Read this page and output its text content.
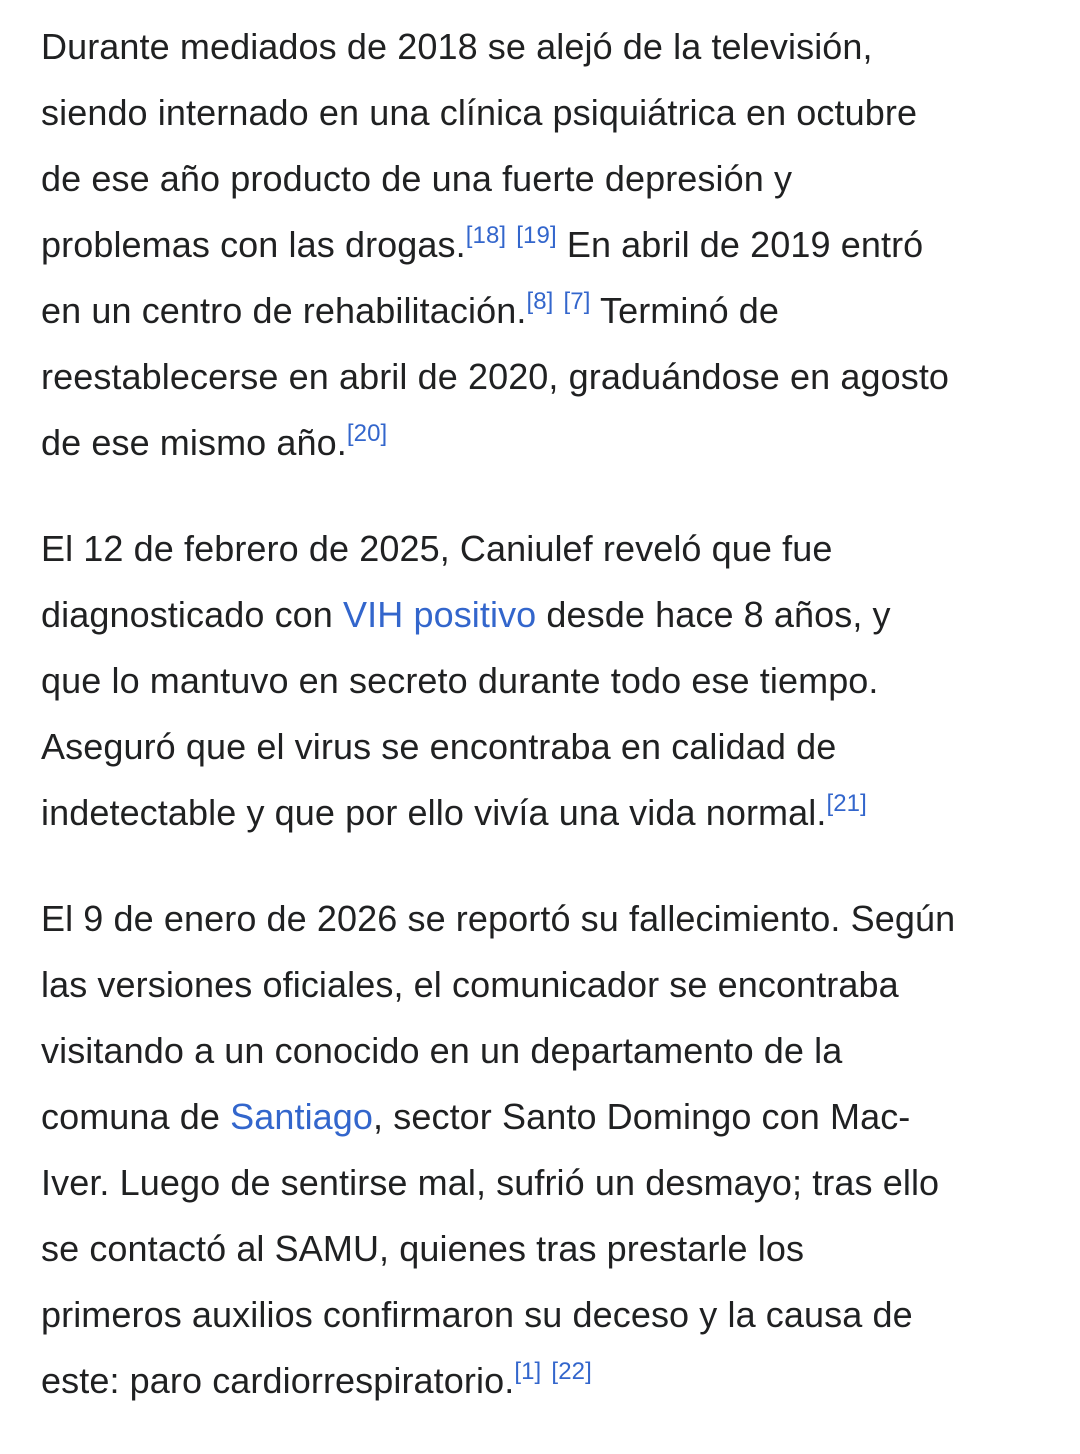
Durante mediados de 2018 se alejó de la televisión,
siendo internado en una clínica psiquiátrica en octubre
de ese año producto de una fuerte depresión y
problemas con las drogas.[18] [19] En abril de 2019 entró
en un centro de rehabilitación.[8] [7] Terminó de
reestablecerse en abril de 2020, graduándose en agosto
de ese mismo año.[20]

El 12 de febrero de 2025, Caniulef reveló que fue
diagnosticado con VIH positivo desde hace 8 años, y
que lo mantuvo en secreto durante todo ese tiempo.
Aseguró que el virus se encontraba en calidad de
indetectable y que por ello vivía una vida normal.[21]

El 9 de enero de 2026 se reportó su fallecimiento. Según
las versiones oficiales, el comunicador se encontraba
visitando a un conocido en un departamento de la
comuna de Santiago, sector Santo Domingo con Mac-
Iver. Luego de sentirse mal, sufrió un desmayo; tras ello
se contactó al SAMU, quienes tras prestarle los
primeros auxilios confirmaron su deceso y la causa de
este: paro cardiorrespiratorio.[1] [22]
